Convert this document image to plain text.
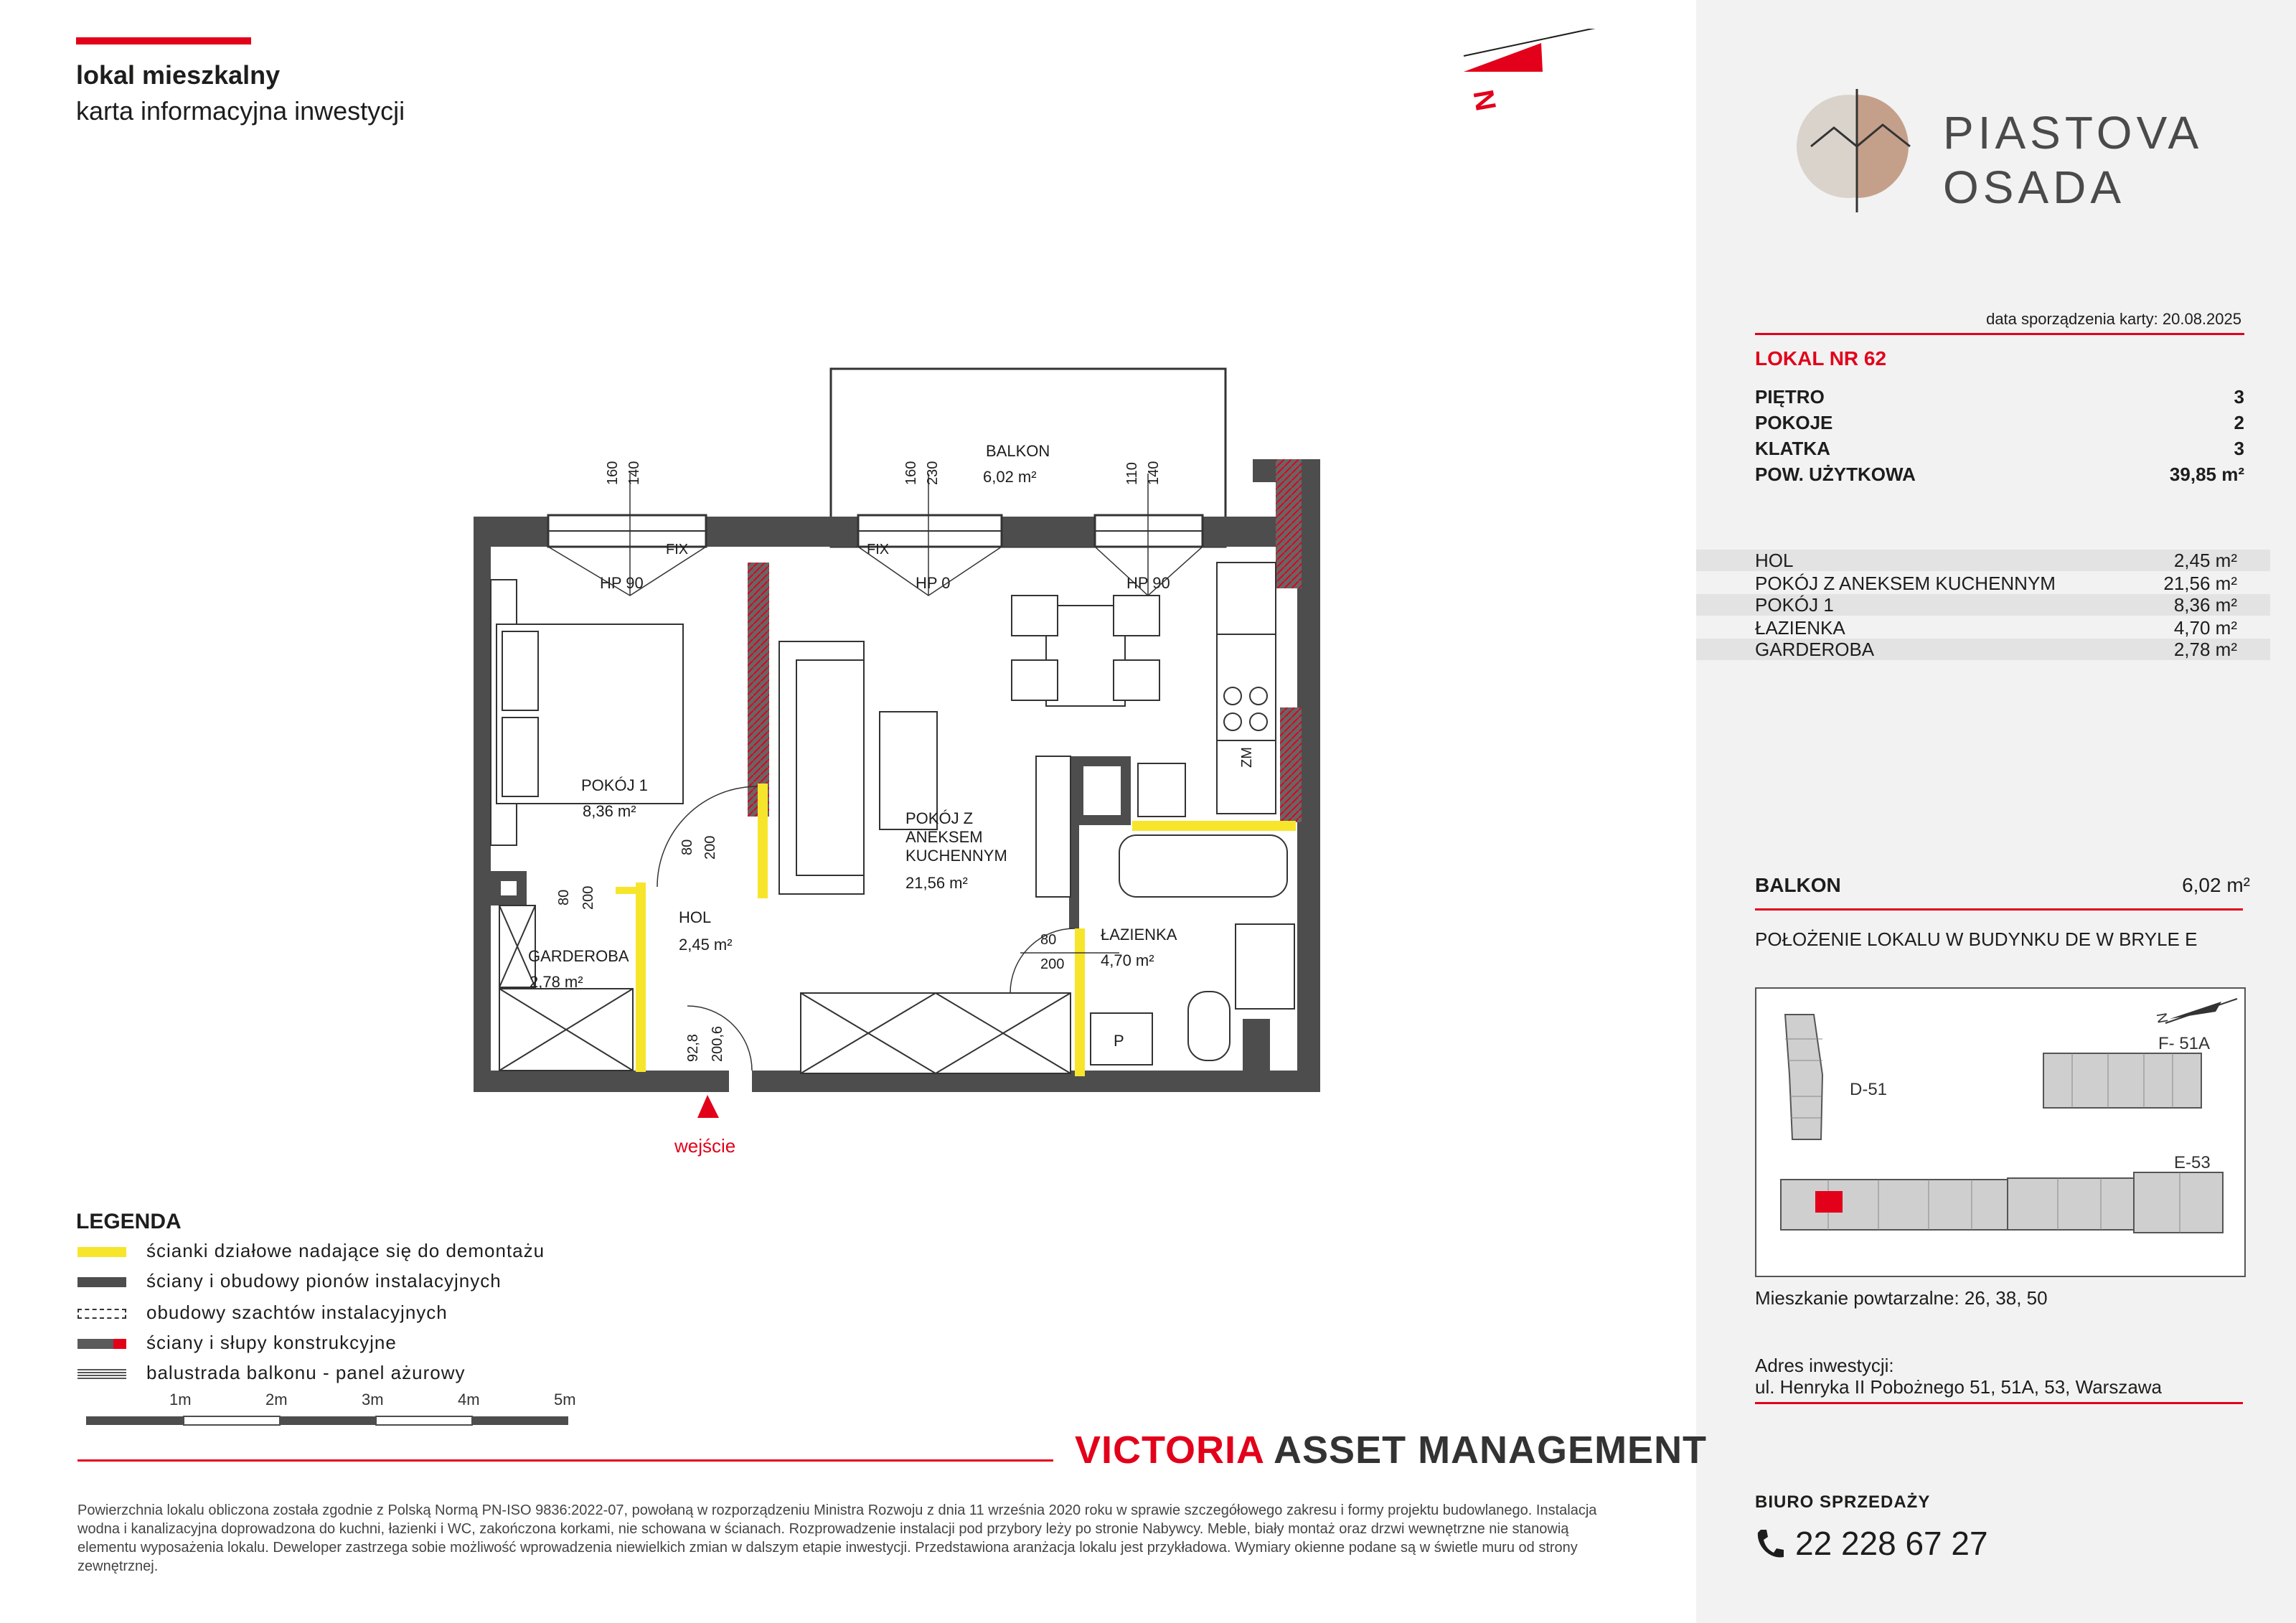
lokal mieszkalny
karta informacyjna inwestycji	N
BALKON
6,02 m²
160 140
HP 90
FIX
160 230
HP 0
FIX
110 140
HP 90
POKÓJ 1
8,36 m²	POKÓJ Z
ANEKSEM
KUCHENNYM
21,56 m²
HOL
2,45 m²
ŁAZIENKA
4,70 m²
GARDEROBA
2,78 m²
80 200
80 200
80
200
92,8 200,6
ZM
P
wejście
PIASTOVA
OSADA
data sporządzenia karty: 20.08.2025
LOKAL NR 62
PIĘTRO	3
POKOJE	2
KLATKA	3
POW. UŻYTKOWA	39,85 m²
HOL	2,45 m²
POKÓJ Z ANEKSEM KUCHENNYM	21,56 m²
POKÓJ 1	8,36 m²
ŁAZIENKA	4,70 m²
GARDEROBA	2,78 m²
BALKON	6,02 m²
POŁOŻENIE LOKALU W BUDYNKU DE W BRYLE E
D-51
F- 51A
E-53
N
Mieszkanie powtarzalne: 26, 38, 50
Adres inwestycji:
ul. Henryka II Pobożnego 51, 51A, 53, Warszawa
BIURO SPRZEDAŻY
22 228 67 27
LEGENDA
ścianki działowe nadające się do demontażu
ściany i obudowy pionów instalacyjnych
obudowy szachtów instalacyjnych
ściany i słupy konstrukcyjne
balustrada balkonu - panel ażurowy
1m	2m	3m	4m	5m
VICTORIA ASSET MANAGEMENT
Powierzchnia lokalu obliczona została zgodnie z Polską Normą PN-ISO 9836:2022-07, powołaną w rozporządzeniu Ministra Rozwoju z dnia 11 września 2020 roku w sprawie szczegółowego zakresu i formy projektu budowlanego. Instalacja wodna i kanalizacyjna doprowadzona do kuchni, łazienki i WC, zakończona korkami, nie schowana w ścianach. Rozprowadzenie instalacji pod przybory leży po stronie Nabywcy. Meble, biały montaż oraz drzwi wewnętrzne nie stanowią elementu wyposażenia lokalu. Deweloper zastrzega sobie możliwość wprowadzenia niewielkich zmian w dalszym etapie inwestycji. Przedstawiona aranżacja lokalu jest przykładowa. Wymiary okienne podane są w świetle muru od strony zewnętrznej.
